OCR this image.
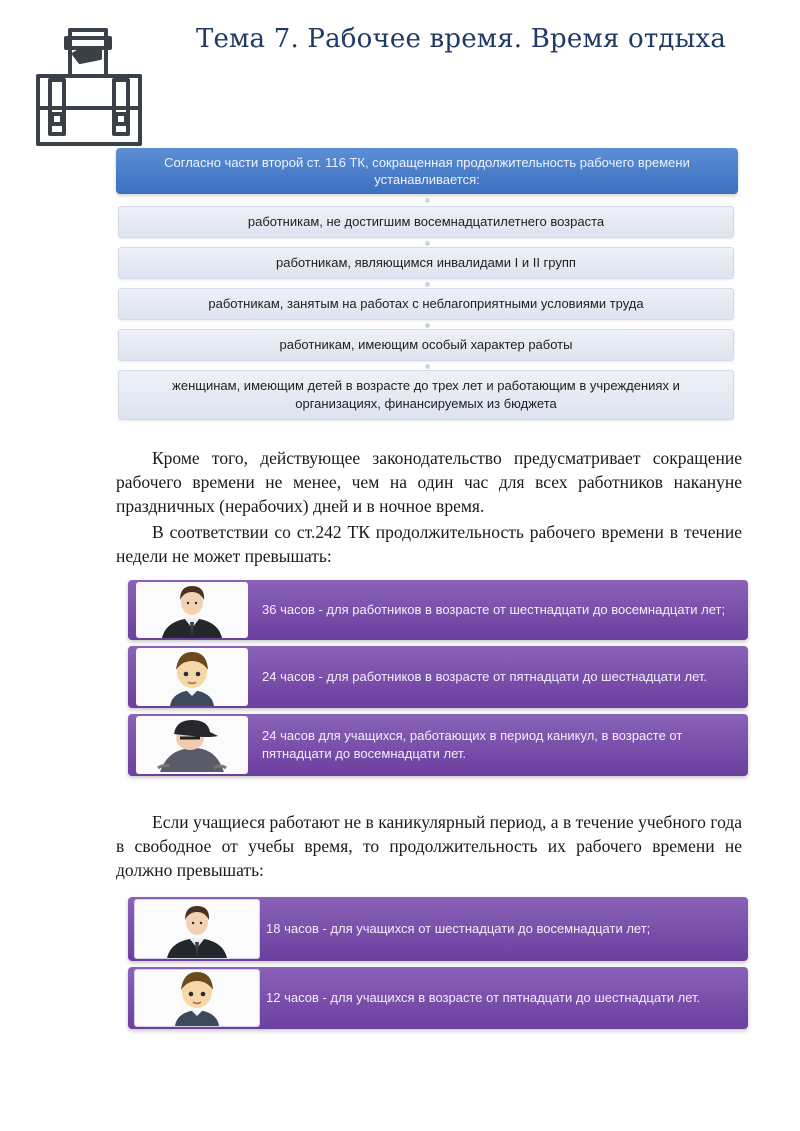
Тема 7. Рабочее время. Время отдыха
Согласно части второй ст. 116 ТК, сокращенная продолжительность рабочего времени устанавливается:
работникам, не достигшим восемнадцатилетнего возраста
работникам, являющимся инвалидами I и II групп
работникам, занятым на работах с неблагоприятными условиями труда
работникам, имеющим особый характер работы
женщинам, имеющим детей в возрасте до трех лет и работающим в учреждениях и организациях, финансируемых из бюджета

Кроме того, действующее законодательство предусматривает сокращение рабочего времени не менее, чем на один час для всех работников накануне праздничных (нерабочих) дней и в ночное время.

В соответствии со ст.242 ТК продолжительность рабочего времени в течение недели не может превышать:

36 часов - для работников в возрасте от шестнадцати до восемнадцати лет;
24 часов - для работников в возрасте от пятнадцати до шестнадцати лет.
24 часов для учащихся, работающих в период каникул, в возрасте от пятнадцати до восемнадцати лет.

Если учащиеся работают не в каникулярный период, а в течение учебного года в свободное от учебы время, то продолжительность их рабочего времени не должно превышать:

18 часов - для учащихся от шестнадцати до восемнадцати лет;
12 часов - для учащихся в возрасте от пятнадцати до шестнадцати лет.
